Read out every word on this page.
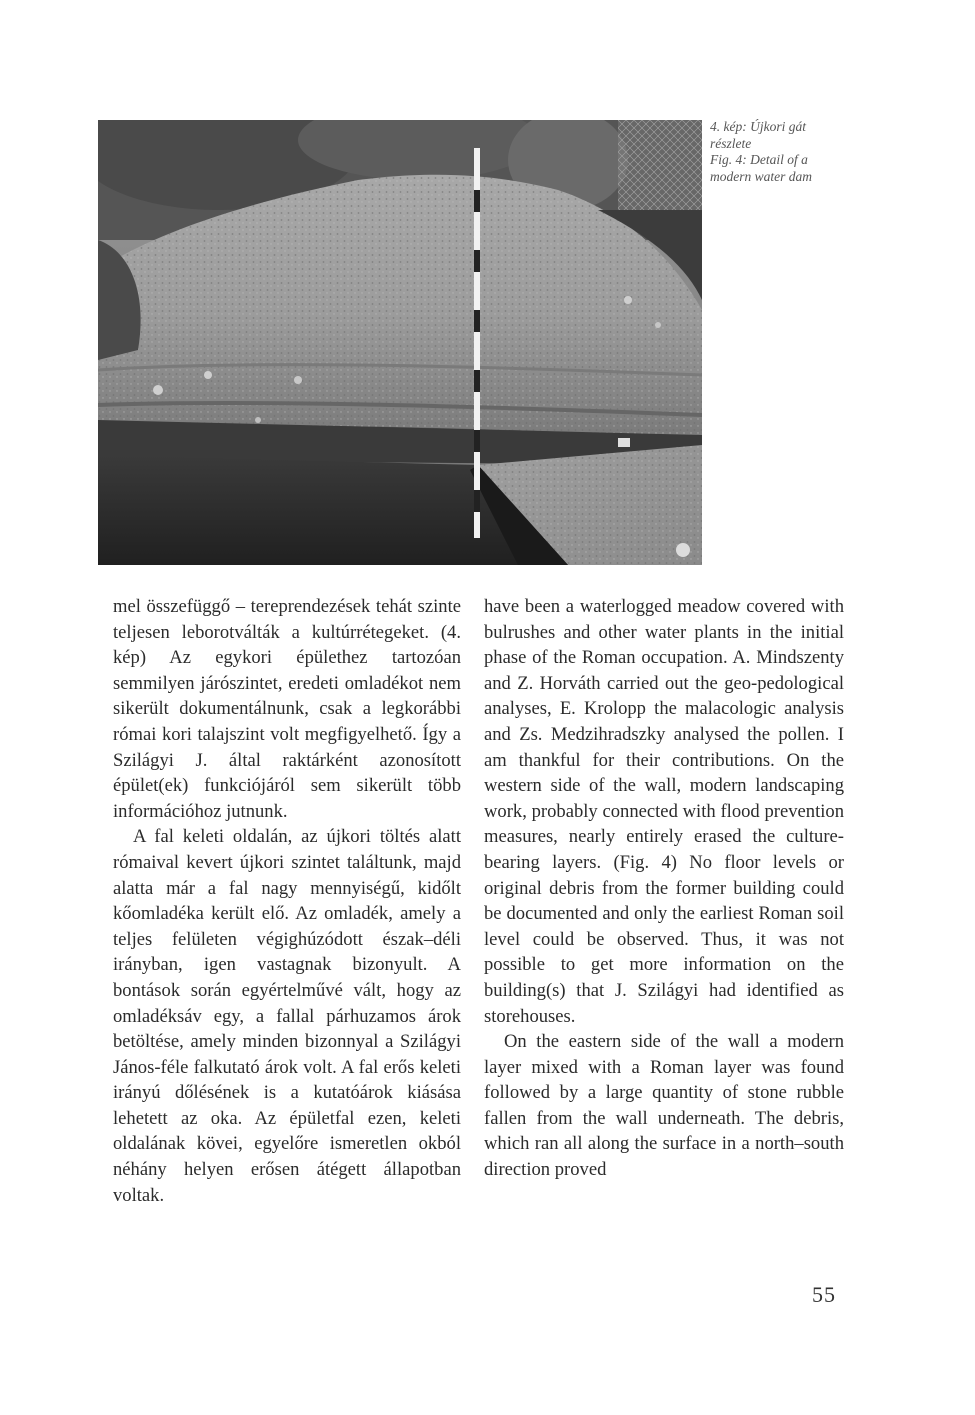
4. kép: Újkori gát
részlete
Fig. 4: Detail of a
modern water dam

mel összefüggő – tereprendezések tehát szinte teljesen leborotválták a kultúrrétegeket. (4. kép) Az egykori épülethez tartozóan semmilyen járószintet, eredeti omladékot nem sikerült dokumentálnunk, csak a legkorábbi római kori talajszint volt megfigyelhető. Így a Szilágyi J. által raktárként azonosított épület(ek) funkciójáról sem sikerült több információhoz jutnunk.

A fal keleti oldalán, az újkori töltés alatt rómaival kevert újkori szintet találtunk, majd alatta már a fal nagy mennyiségű, kidőlt kőomladéka került elő. Az omladék, amely a teljes felületen végighúzódott észak–déli irányban, igen vastagnak bizonyult. A bontások során egyértelművé vált, hogy az omladéksáv egy, a fallal párhuzamos árok betöltése, amely minden bizonnyal a Szilágyi János-féle falkutató árok volt. A fal erős keleti irányú dőlésének is a kutatóárok kiásása lehetett az oka. Az épületfal ezen, keleti oldalának kövei, egyelőre ismeretlen okból néhány helyen erősen átégett állapotban voltak.

have been a waterlogged meadow covered with bulrushes and other water plants in the initial phase of the Roman occupation. A. Mindszenty and Z. Horváth carried out the geo-pedological analyses, E. Krolopp the malacologic analysis and Zs. Medzihradszky analysed the pollen. I am thankful for their contributions. On the western side of the wall, modern landscaping work, probably connected with flood prevention measures, nearly entirely erased the culture-bearing layers. (Fig. 4) No floor levels or original debris from the former building could be documented and only the earliest Roman soil level could be observed. Thus, it was not possible to get more information on the building(s) that J. Szilágyi had identified as storehouses.

On the eastern side of the wall a modern layer mixed with a Roman layer was found followed by a large quantity of stone rubble fallen from the wall underneath. The debris, which ran all along the surface in a north–south direction proved

55
